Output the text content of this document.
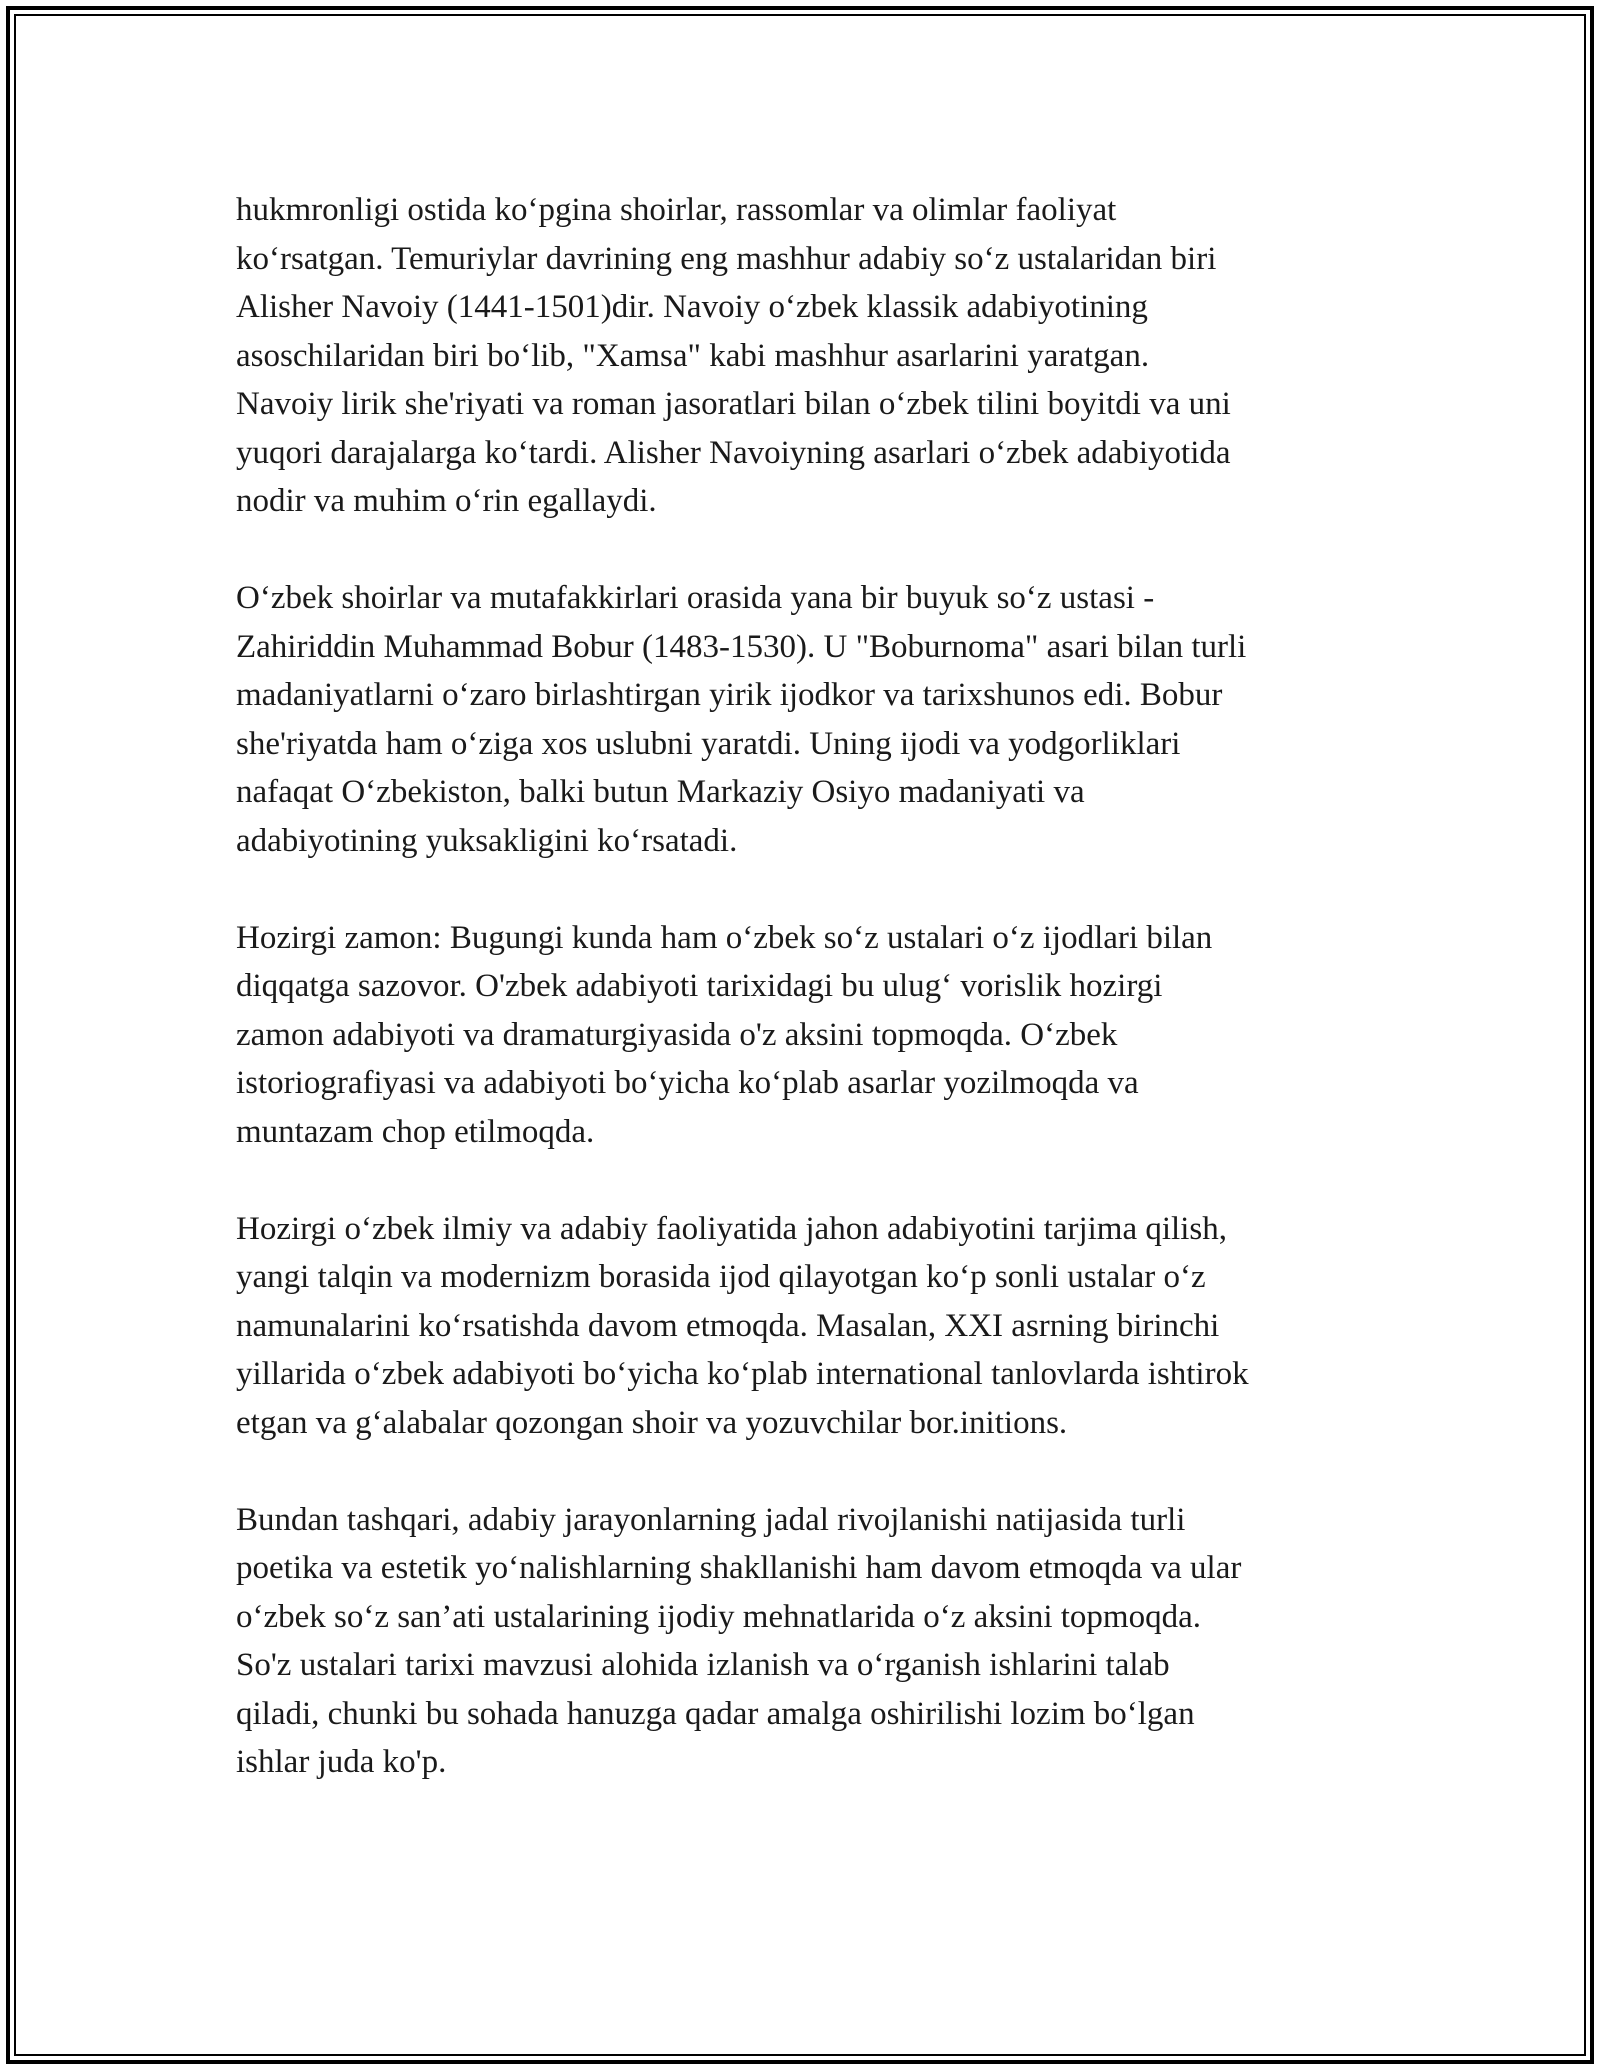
hukmronligi ostida koʻpgina shoirlar, rassomlar va olimlar faoliyat
koʻrsatgan. Temuriylar davrining eng mashhur adabiy soʻz ustalaridan biri
Alisher Navoiy (1441-1501)dir. Navoiy oʻzbek klassik adabiyotining
asoschilaridan biri boʻlib, "Xamsa" kabi mashhur asarlarini yaratgan.
Navoiy lirik she'riyati va roman jasoratlari bilan oʻzbek tilini boyitdi va uni
yuqori darajalarga koʻtardi. Alisher Navoiyning asarlari oʻzbek adabiyotida
nodir va muhim oʻrin egallaydi.

Oʻzbek shoirlar va mutafakkirlari orasida yana bir buyuk soʻz ustasi -
Zahiriddin Muhammad Bobur (1483-1530). U "Boburnoma" asari bilan turli
madaniyatlarni oʻzaro birlashtirgan yirik ijodkor va tarixshunos edi. Bobur
she'riyatda ham oʻziga xos uslubni yaratdi. Uning ijodi va yodgorliklari
nafaqat Oʻzbekiston, balki butun Markaziy Osiyo madaniyati va
adabiyotining yuksakligini koʻrsatadi.

Hozirgi zamon: Bugungi kunda ham oʻzbek soʻz ustalari oʻz ijodlari bilan
diqqatga sazovor. O'zbek adabiyoti tarixidagi bu ulugʻ vorislik hozirgi
zamon adabiyoti va dramaturgiyasida o'z aksini topmoqda. Oʻzbek
istoriografiyasi va adabiyoti boʻyicha koʻplab asarlar yozilmoqda va
muntazam chop etilmoqda.

Hozirgi oʻzbek ilmiy va adabiy faoliyatida jahon adabiyotini tarjima qilish,
yangi talqin va modernizm borasida ijod qilayotgan koʻp sonli ustalar oʻz
namunalarini koʻrsatishda davom etmoqda. Masalan, XXI asrning birinchi
yillarida oʻzbek adabiyoti boʻyicha koʻplab international tanlovlarda ishtirok
etgan va gʻalabalar qozongan shoir va yozuvchilar bor.initions.

Bundan tashqari, adabiy jarayonlarning jadal rivojlanishi natijasida turli
poetika va estetik yoʻnalishlarning shakllanishi ham davom etmoqda va ular
oʻzbek soʻz san’ati ustalarining ijodiy mehnatlarida oʻz aksini topmoqda.
So'z ustalari tarixi mavzusi alohida izlanish va oʻrganish ishlarini talab
qiladi, chunki bu sohada hanuzga qadar amalga oshirilishi lozim boʻlgan
ishlar juda ko'p.
